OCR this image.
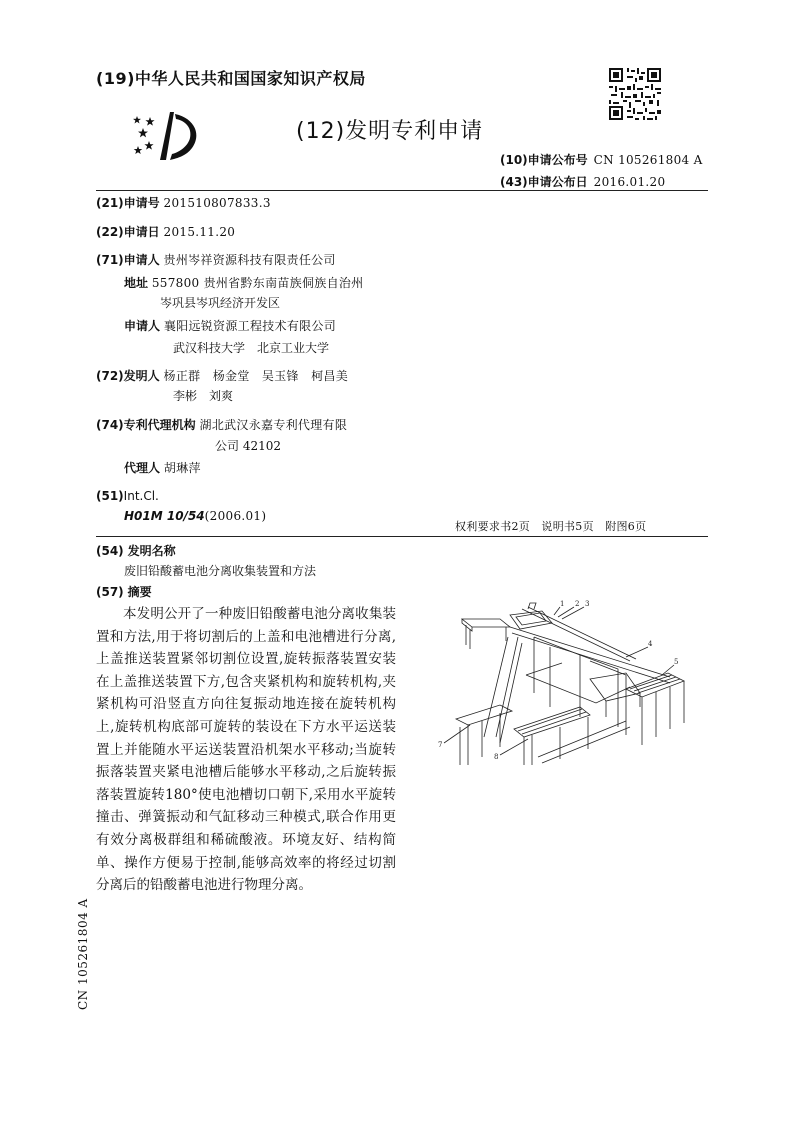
(19)中华人民共和国国家知识产权局
(12)发明专利申请
(10)申请公布号 CN 105261804 A
(43)申请公布日 2016.01.20
(21)申请号 201510807833.3
(22)申请日 2015.11.20
(71)申请人 贵州岑祥资源科技有限责任公司
地址 557800 贵州省黔东南苗族侗族自治州
岑巩县岑巩经济开发区
申请人 襄阳远锐资源工程技术有限公司
武汉科技大学　北京工业大学
(72)发明人 杨正群　杨金堂　吴玉锋　柯昌美
李彬　刘爽
(74)专利代理机构 湖北武汉永嘉专利代理有限
公司 42102
代理人 胡琳萍
(51)Int.Cl.
H01M 10/54(2006.01)
权利要求书2页　说明书5页　附图6页
(54) 发明名称
废旧铅酸蓄电池分离收集装置和方法
(57) 摘要
本发明公开了一种废旧铅酸蓄电池分离收集装置和方法,用于将切割后的上盖和电池槽进行分离,上盖推送装置紧邻切割位设置,旋转振落装置安装在上盖推送装置下方,包含夹紧机构和旋转机构,夹紧机构可沿竖直方向往复振动地连接在旋转机构上,旋转机构底部可旋转的装设在下方水平运送装置上并能随水平运送装置沿机架水平移动;当旋转振落装置夹紧电池槽后能够水平移动,之后旋转振落装置旋转180°使电池槽切口朝下,采用水平旋转撞击、弹簧振动和气缸移动三种模式,联合作用更有效分离极群组和稀硫酸液。环境友好、结构简单、操作方便易于控制,能够高效率的将经过切割分离后的铅酸蓄电池进行物理分离。
1 2 3
4
5
7
8
CN 105261804 A
